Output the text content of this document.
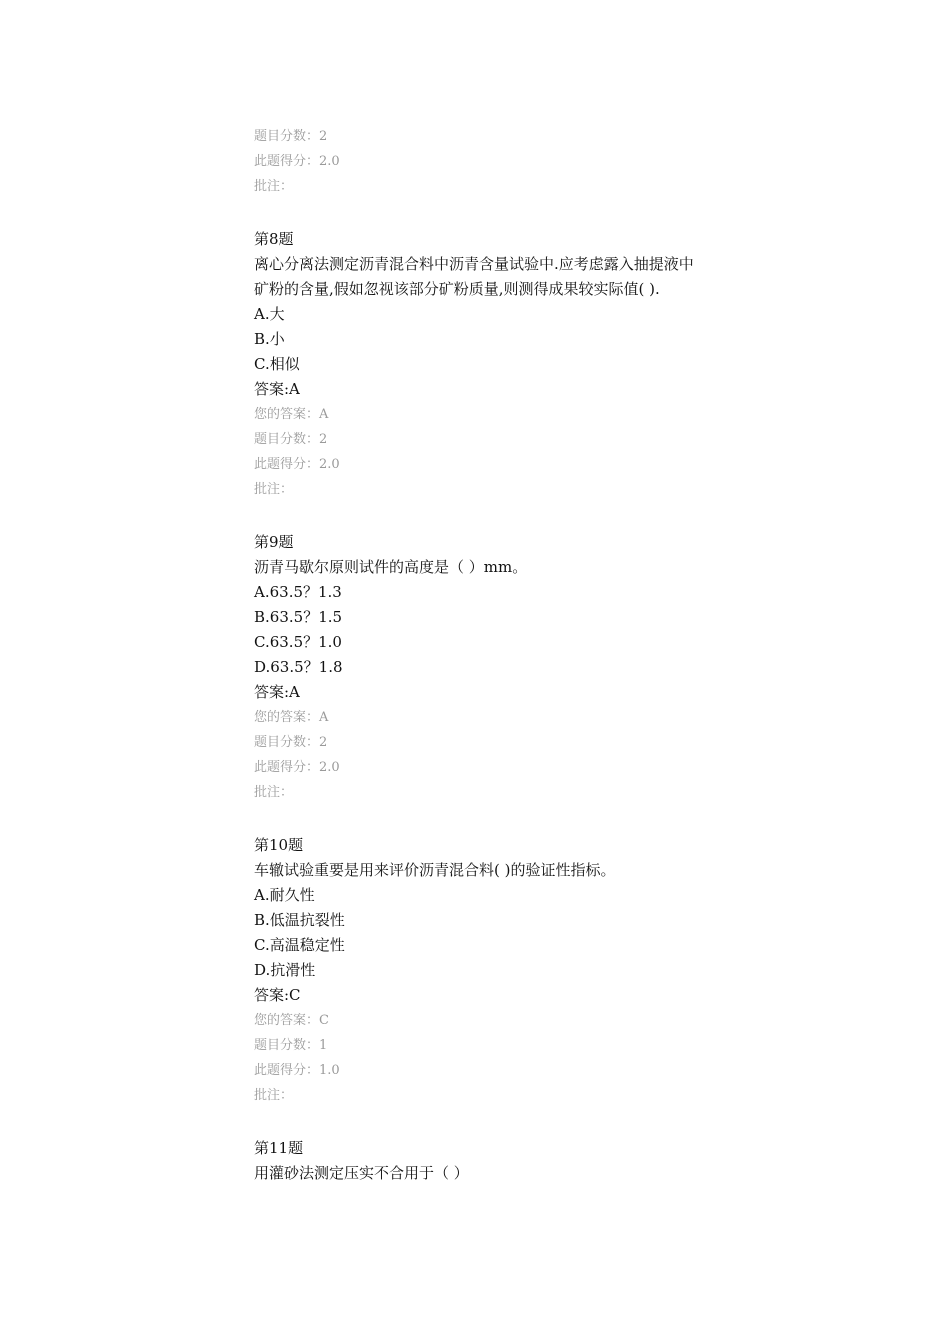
题目分数：2
此题得分：2.0
批注：
第8题
离心分离法测定沥青混合料中沥青含量试验中.应考虑露入抽提液中矿粉的含量,假如忽视该部分矿粉质量,则测得成果较实际值( ).
A.大
B.小
C.相似
答案:A
您的答案：A
题目分数：2
此题得分：2.0
批注：
第9题
沥青马歇尔原则试件的高度是（ ）mm。
A.63.5？1.3
B.63.5？1.5
C.63.5？1.0
D.63.5？1.8
答案:A
您的答案：A
题目分数：2
此题得分：2.0
批注：
第10题
车辙试验重要是用来评价沥青混合料( )的验证性指标。
A.耐久性
B.低温抗裂性
C.高温稳定性
D.抗滑性
答案:C
您的答案：C
题目分数：1
此题得分：1.0
批注：
第11题
用灌砂法测定压实不合用于（ ）
